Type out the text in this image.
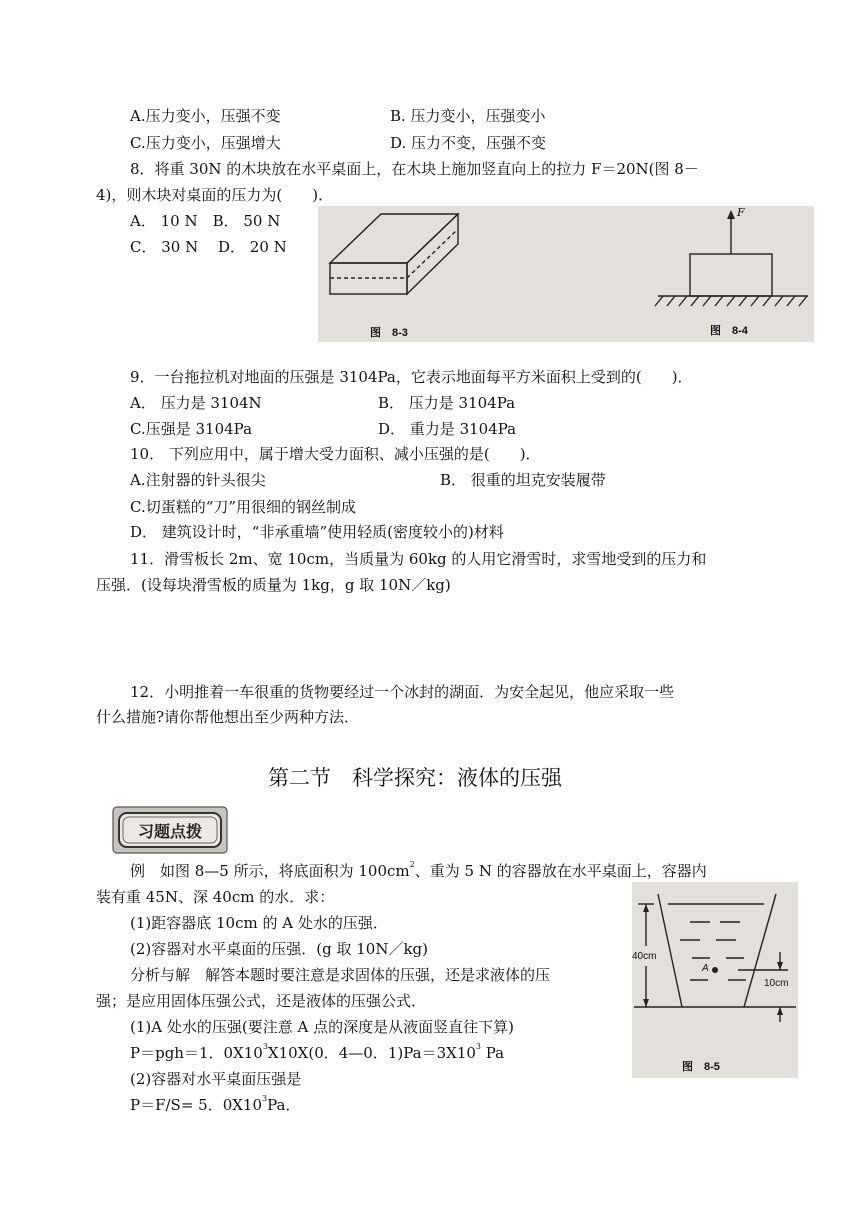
A.压力变小，压强不变	B. 压力变小，压强变小
C.压力变小，压强增大	D. 压力不变，压强不变
8．将重 30N 的木块放在水平桌面上，在木块上施加竖直向上的拉力 F＝20N(图 8－
4)，则木块对桌面的压力为(　　)．
A． 10 N　B． 50 N
C． 30 N　 D． 20 N
F
图　8-3	图　8-4
9．一台拖拉机对地面的压强是 3104Pa，它表示地面每平方米面积上受到的(　　)．
A． 压力是 3104N	B． 压力是 3104Pa
C.压强是 3104Pa	D． 重力是 3104Pa
10． 下列应用中，属于增大受力面积、减小压强的是(　　)．
A.注射器的针头很尖	B． 很重的坦克安装履带
C.切蛋糕的“刀”用很细的钢丝制成
D． 建筑设计时，“非承重墙”使用轻质(密度较小的)材料
11．滑雪板长 2m、宽 10cm，当质量为 60kg 的人用它滑雪时，求雪地受到的压力和
压强．(设每块滑雪板的质量为 1kg，g 取 10N／kg)
12．小明推着一车很重的货物要经过一个冰封的湖面．为安全起见，他应采取一些
什么措施?请你帮他想出至少两种方法．
第二节　科学探究：液体的压强
习题点拨
例　如图 8—5 所示，将底面积为 $100cm^2$、重为 5 N 的容器放在水平桌面上，容器内
装有重 45N、深 40cm 的水．求：
(1)距容器底 10cm 的 A 处水的压强．
(2)容器对水平桌面的压强．(g 取 10N／kg)
分析与解　解答本题时要注意是求固体的压强，还是求液体的压
强；是应用固体压强公式，还是液体的压强公式．
(1)A 处水的压强(要注意 A 点的深度是从液面竖直往下算)
P＝pgh＝1．$0X10^3X10X(0$．4—0．$1)Pa=3X10^3$ Pa
(2)容器对水平桌面压强是
P＝F/S= 5．$0X10^3Pa$．
40cm
10cm
A
图　8-5
